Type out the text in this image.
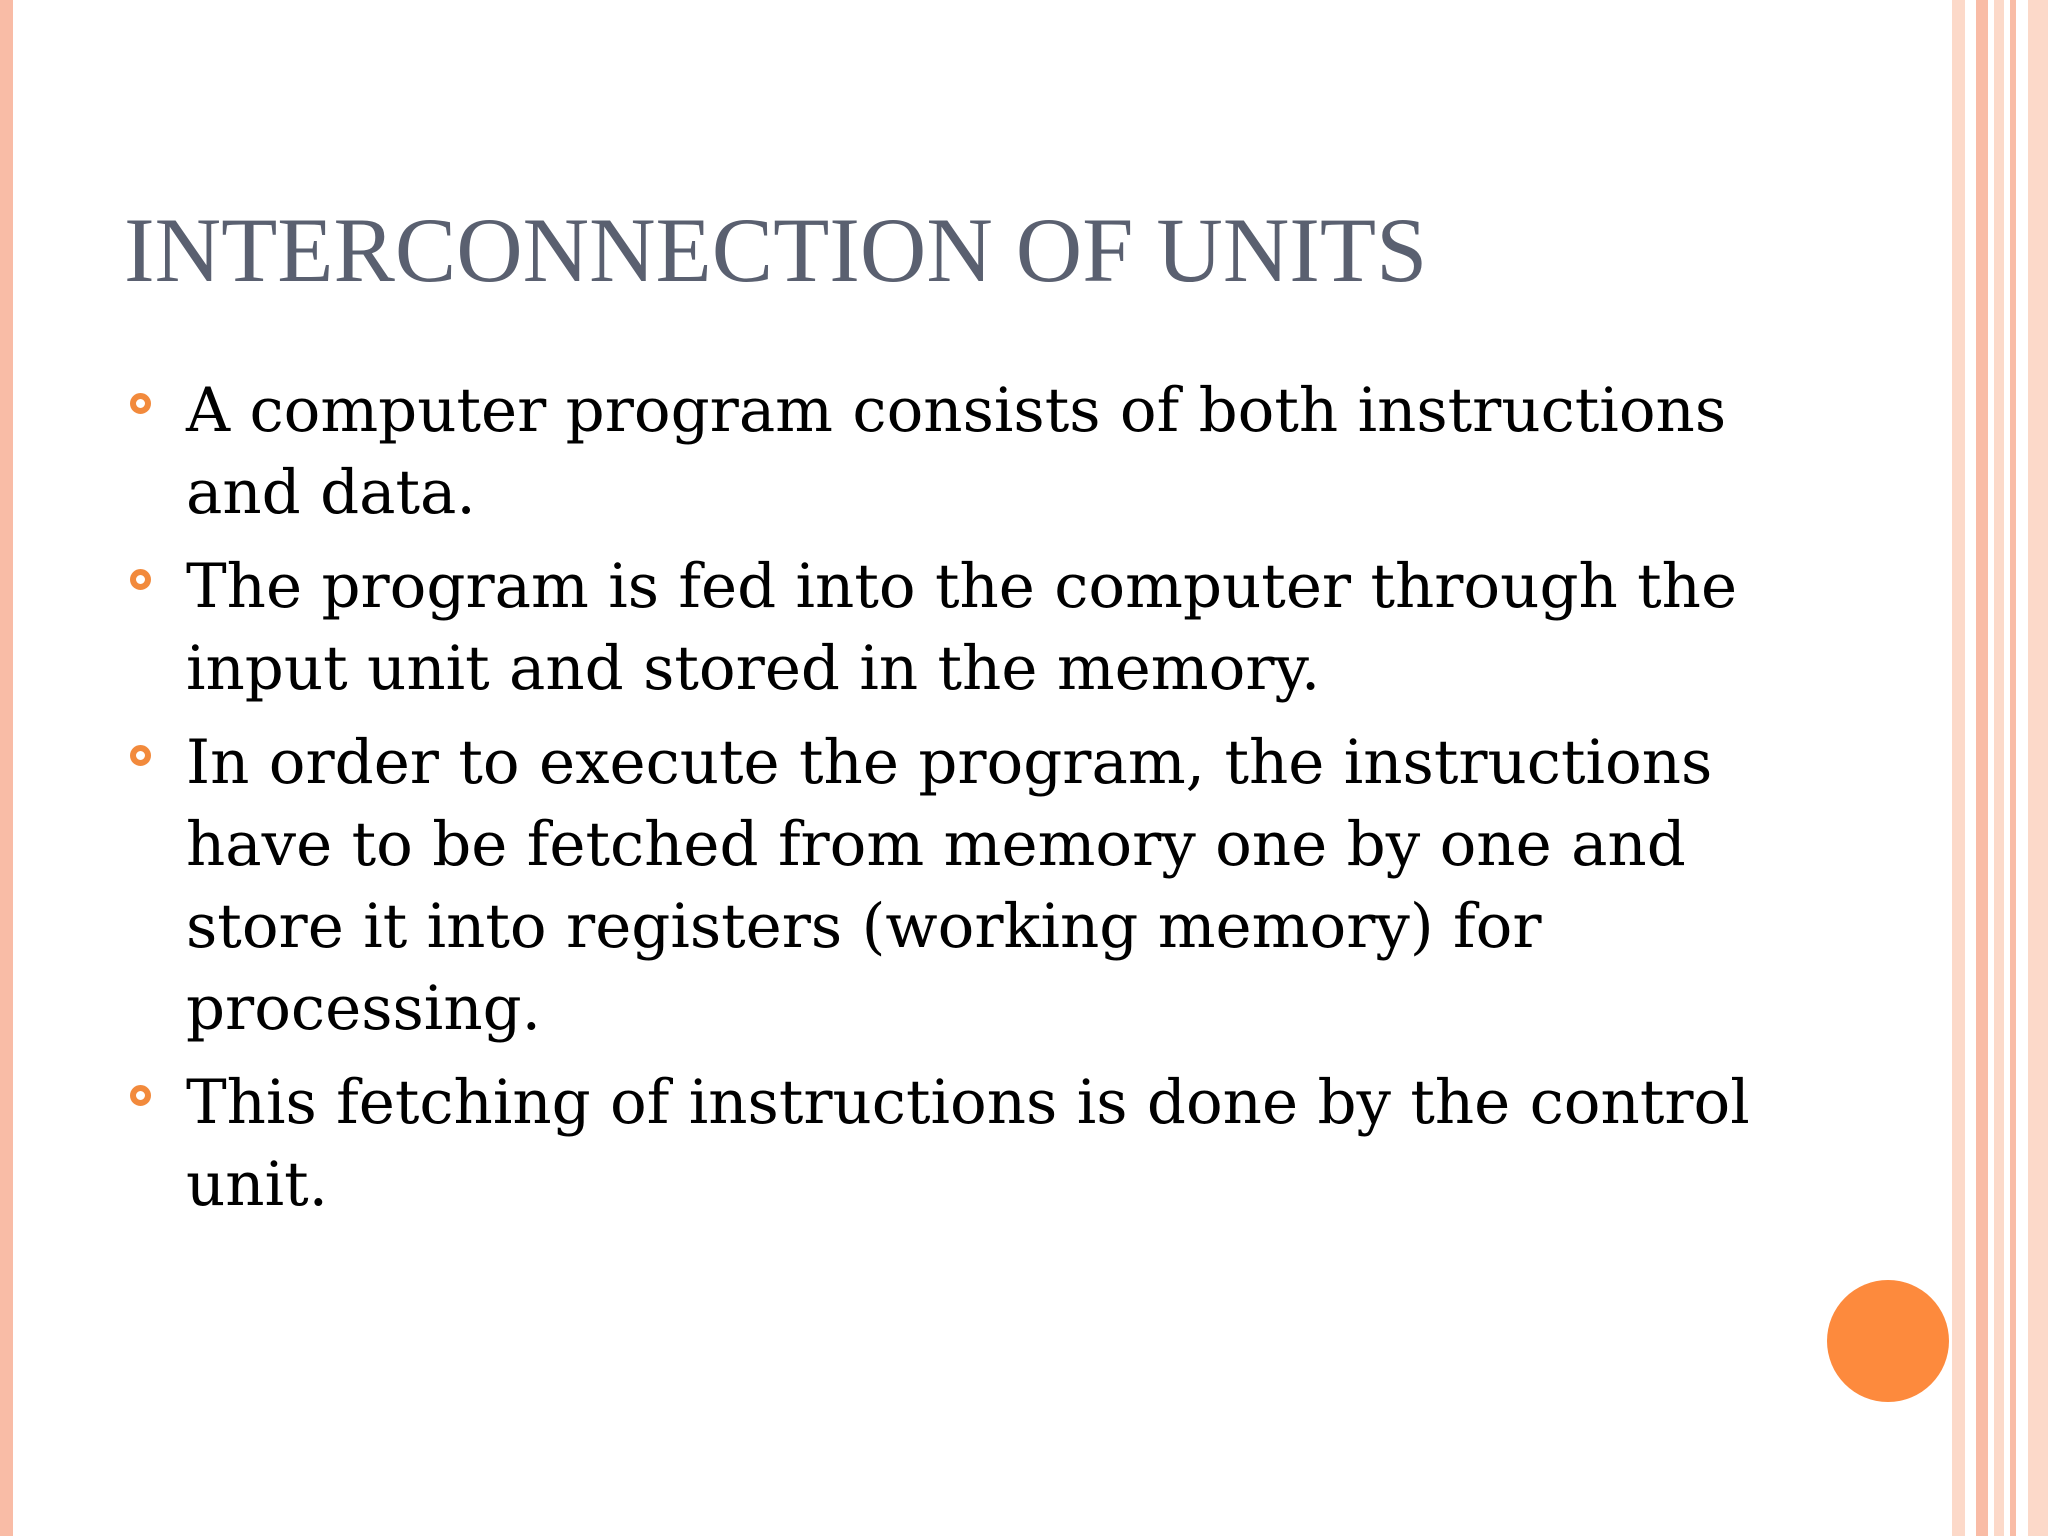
INTERCONNECTION OF UNITS
A computer program consists of both instructions and data.
The program is fed into the computer through the input unit and stored in the memory.
In order to execute the program, the instructions have to be fetched from memory one by one and store it into registers (working memory) for processing.
This fetching of instructions is done by the control unit.
